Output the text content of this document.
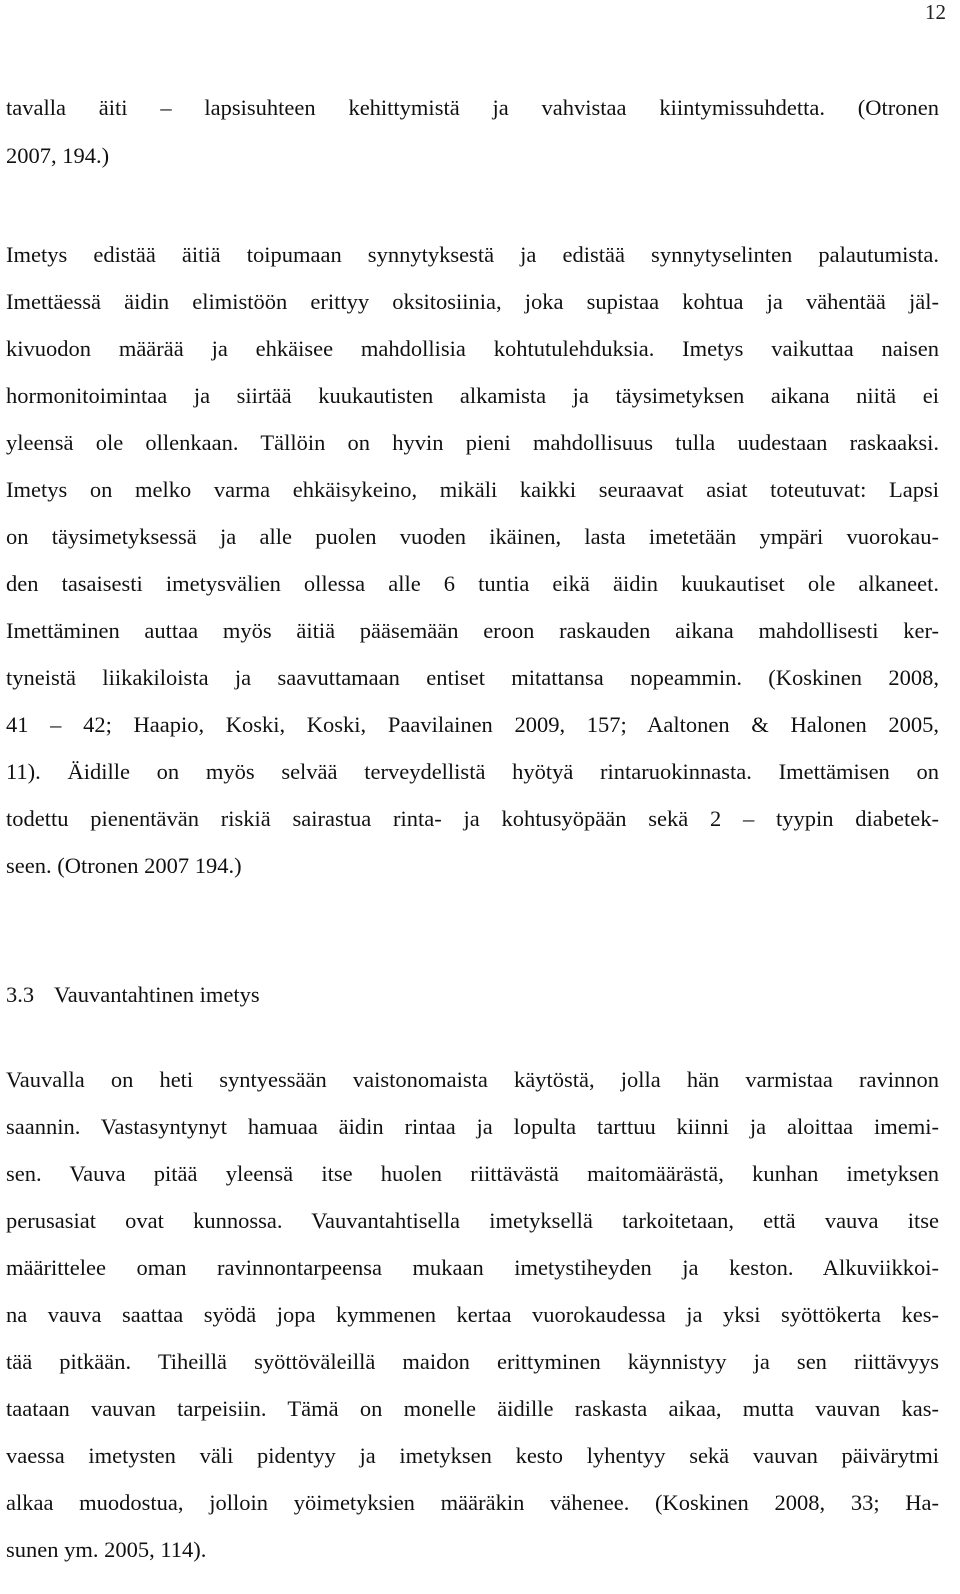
12
tavalla äiti – lapsisuhteen kehittymistä ja vahvistaa kiintymissuhdetta. (Otronen
2007, 194.)
Imetys edistää äitiä toipumaan synnytyksestä ja edistää synnytyselinten palautumista.
Imettäessä äidin elimistöön erittyy oksitosiinia, joka supistaa kohtua ja vähentää jäl-
kivuodon määrää ja ehkäisee mahdollisia kohtutulehduksia. Imetys vaikuttaa naisen
hormonitoimintaa ja siirtää kuukautisten alkamista ja täysimetyksen aikana niitä ei
yleensä ole ollenkaan. Tällöin on hyvin pieni mahdollisuus tulla uudestaan raskaaksi.
Imetys on melko varma ehkäisykeino, mikäli kaikki seuraavat asiat toteutuvat: Lapsi
on täysimetyksessä ja alle puolen vuoden ikäinen, lasta imetetään ympäri vuorokau-
den tasaisesti imetysvälien ollessa alle 6 tuntia eikä äidin kuukautiset ole alkaneet.
Imettäminen auttaa myös äitiä pääsemään eroon raskauden aikana mahdollisesti ker-
tyneistä liikakiloista ja saavuttamaan entiset mitattansa nopeammin. (Koskinen 2008,
41 – 42; Haapio, Koski, Koski, Paavilainen 2009, 157; Aaltonen & Halonen 2005,
11). Äidille on myös selvää terveydellistä hyötyä rintaruokinnasta. Imettämisen on
todettu pienentävän riskiä sairastua rinta- ja kohtusyöpään sekä 2 – tyypin diabetek-
seen. (Otronen 2007 194.)
3.3 Vauvantahtinen imetys
Vauvalla on heti syntyessään vaistonomaista käytöstä, jolla hän varmistaa ravinnon
saannin. Vastasyntynyt hamuaa äidin rintaa ja lopulta tarttuu kiinni ja aloittaa imemi-
sen. Vauva pitää yleensä itse huolen riittävästä maitomäärästä, kunhan imetyksen
perusasiat ovat kunnossa. Vauvantahtisella imetyksellä tarkoitetaan, että vauva itse
määrittelee oman ravinnontarpeensa mukaan imetystiheyden ja keston. Alkuviikkoi-
na vauva saattaa syödä jopa kymmenen kertaa vuorokaudessa ja yksi syöttökerta kes-
tää pitkään. Tiheillä syöttöväleillä maidon erittyminen käynnistyy ja sen riittävyys
taataan vauvan tarpeisiin. Tämä on monelle äidille raskasta aikaa, mutta vauvan kas-
vaessa imetysten väli pidentyy ja imetyksen kesto lyhentyy sekä vauvan päivärytmi
alkaa muodostua, jolloin yöimetyksien määräkin vähenee. (Koskinen 2008, 33; Ha-
sunen ym. 2005, 114).
